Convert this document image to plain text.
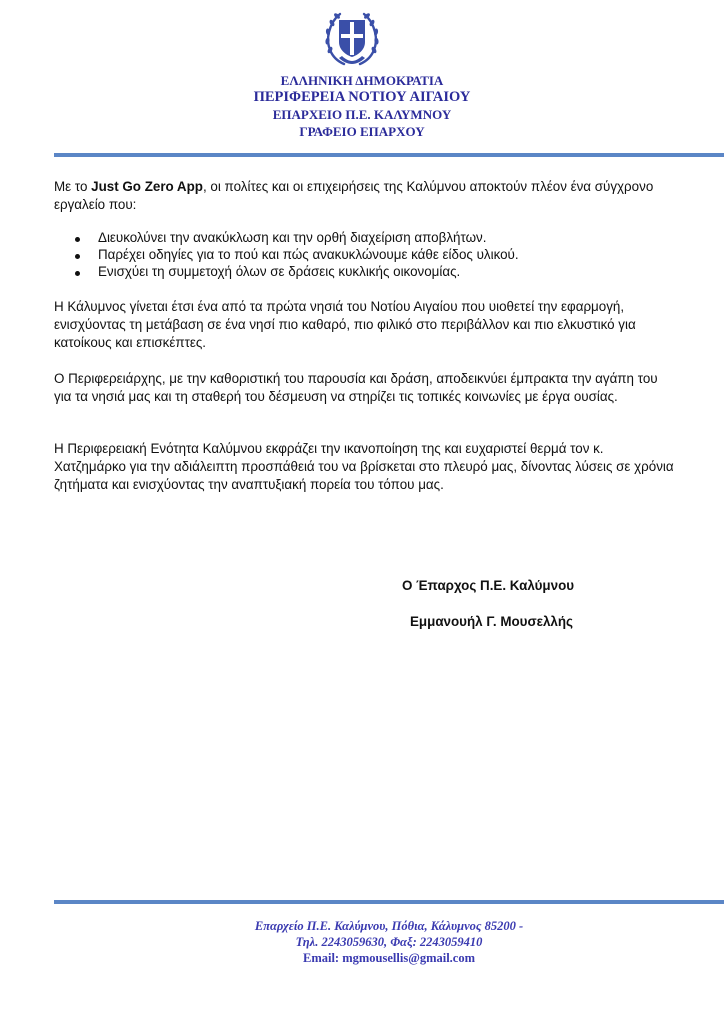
ΕΛΛΗΝΙΚΗ ΔΗΜΟΚΡΑΤΙΑ
ΠΕΡΙΦΕΡΕΙΑ ΝΟΤΙΟΥ ΑΙΓΑΙΟΥ
ΕΠΑΡΧΕΙΟ Π.Ε. ΚΑΛΥΜΝΟΥ
ΓΡΑΦΕΙΟ ΕΠΑΡΧΟΥ

Με το Just Go Zero App, οι πολίτες και οι επιχειρήσεις της Καλύμνου αποκτούν πλέον ένα σύγχρονο εργαλείο που:

Διευκολύνει την ανακύκλωση και την ορθή διαχείριση αποβλήτων.
Παρέχει οδηγίες για το πού και πώς ανακυκλώνουμε κάθε είδος υλικού.
Ενισχύει τη συμμετοχή όλων σε δράσεις κυκλικής οικονομίας.

Η Κάλυμνος γίνεται έτσι ένα από τα πρώτα νησιά του Νοτίου Αιγαίου που υιοθετεί την εφαρμογή, ενισχύοντας τη μετάβαση σε ένα νησί πιο καθαρό, πιο φιλικό στο περιβάλλον και πιο ελκυστικό για κατοίκους και επισκέπτες.

Ο Περιφερειάρχης, με την καθοριστική του παρουσία και δράση, αποδεικνύει έμπρακτα την αγάπη του για τα νησιά μας και τη σταθερή του δέσμευση να στηρίζει τις τοπικές κοινωνίες με έργα ουσίας.

Η Περιφερειακή Ενότητα Καλύμνου εκφράζει την ικανοποίηση της και ευχαριστεί θερμά τον κ. Χατζημάρκο για την αδιάλειπτη προσπάθειά του να βρίσκεται στο πλευρό μας, δίνοντας λύσεις σε χρόνια ζητήματα και ενισχύοντας την αναπτυξιακή πορεία του τόπου μας.

Ο Έπαρχος Π.Ε. Καλύμνου
Εμμανουήλ Γ. Μουσελλής
Επαρχείο Π.Ε. Καλύμνου, Πόθια, Κάλυμνος 85200 -
Τηλ. 2243059630, Φαξ: 2243059410
Email: mgmousellis@gmail.com
